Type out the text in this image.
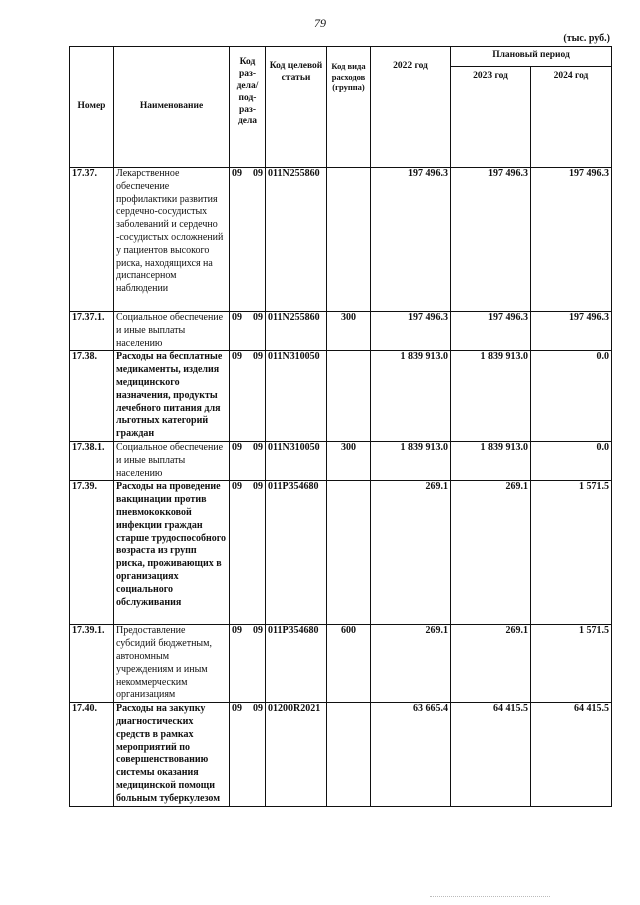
79
(тыс. руб.)
Номер	Наименование	Код раз-дела/ под-раз-дела	Код целевой статьи	Код вида расходов (группа)	2022 год	Плановый период	
						2023 год	2024 год
17.37.	Лекарственное обеспечение профилактики развития сердечно-сосудистых заболеваний и сердечно -сосудистых осложнений у пациентов высокого риска, находящихся на диспансерном наблюдении	09 09	011N255860		197 496.3	197 496.3	197 496.3
17.37.1.	Социальное обеспечение и иные выплаты населению	09 09	011N255860	300	197 496.3	197 496.3	197 496.3
17.38.	Расходы на бесплатные медикаменты, изделия медицинского назначения, продукты лечебного питания для льготных категорий граждан	09 09	011N310050		1 839 913.0	1 839 913.0	0.0
17.38.1.	Социальное обеспечение и иные выплаты населению	09 09	011N310050	300	1 839 913.0	1 839 913.0	0.0
17.39.	Расходы на проведение вакцинации против пневмококковой инфекции граждан старше трудоспособного возраста из групп риска, проживающих в организациях социального обслуживания	09 09	011P354680		269.1	269.1	1 571.5
17.39.1.	Предоставление субсидий бюджетным, автономным учреждениям и иным некоммерческим организациям	09 09	011P354680	600	269.1	269.1	1 571.5
17.40.	Расходы на закупку диагностических средств в рамках мероприятий по совершенствованию системы оказания медицинской помощи больным туберкулезом	09 09	01200R2021		63 665.4	64 415.5	64 415.5
